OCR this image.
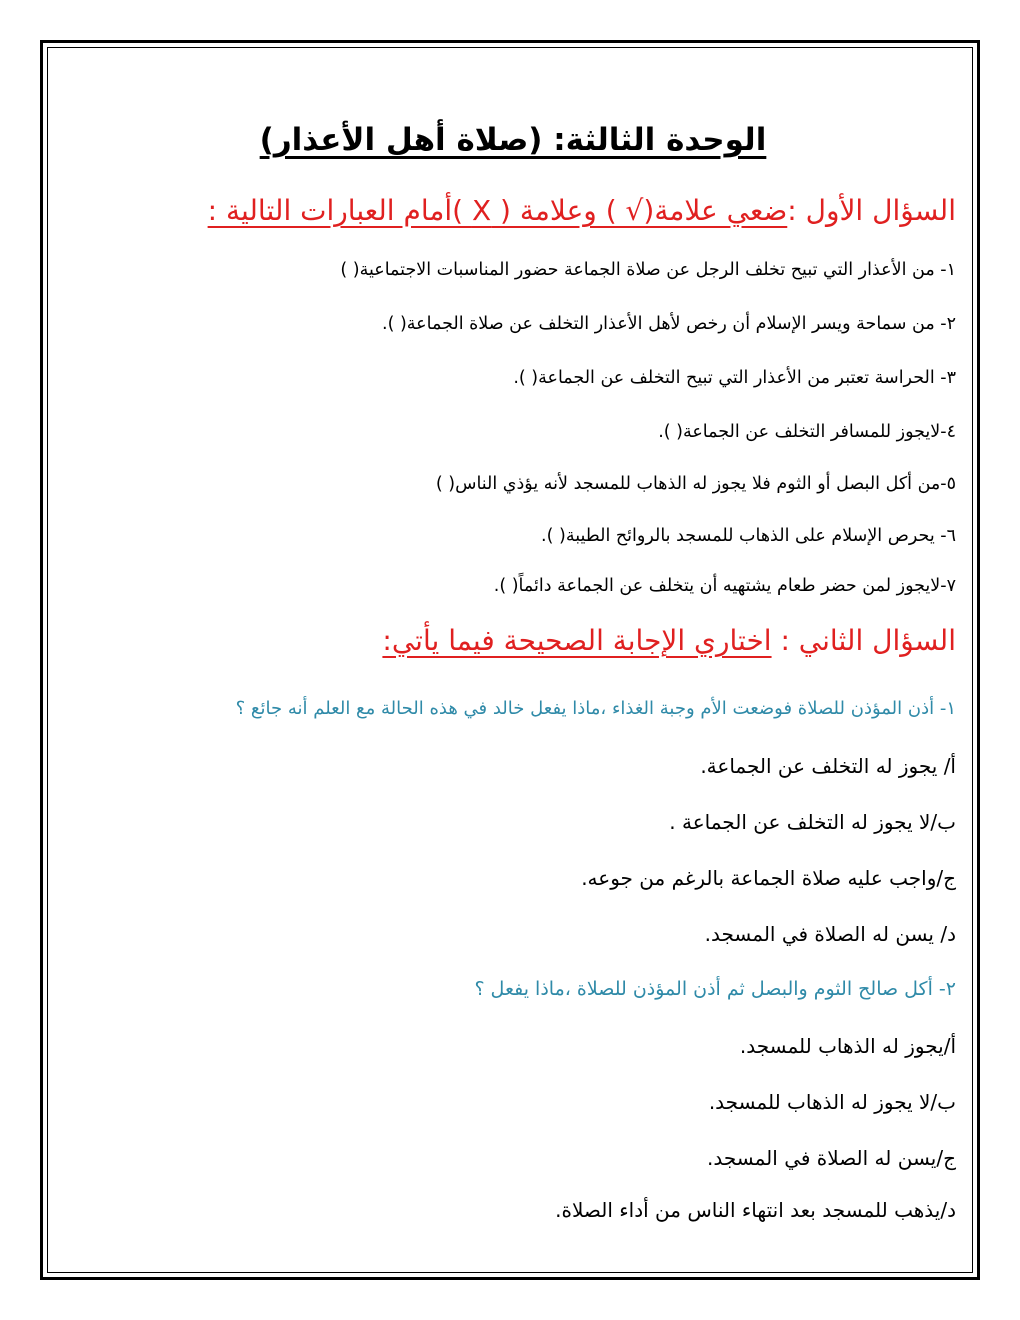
الوحدة الثالثة: (صلاة أهل الأعذار)
السؤال الأول :ضعي علامة(√ ) وعلامة ( X )أمام العبارات التالية :
١- من الأعذار التي تبيح تخلف الرجل عن صلاة الجماعة حضور المناسبات الاجتماعية( )
٢- من سماحة ويسر الإسلام أن رخص لأهل الأعذار التخلف عن صلاة الجماعة( ).
٣- الحراسة تعتبر من الأعذار التي تبيح التخلف عن الجماعة( ).
٤-لايجوز للمسافر التخلف عن الجماعة( ).
٥-من أكل البصل أو الثوم فلا يجوز له الذهاب للمسجد لأنه يؤذي الناس( )
٦- يحرص الإسلام على الذهاب للمسجد بالروائح الطيبة( ).
٧-لايجوز لمن حضر طعام يشتهيه أن يتخلف عن الجماعة دائماً( ).
السؤال الثاني : اختاري الإجابة الصحيحة فيما يأتي:
١- أذن المؤذن للصلاة فوضعت الأم وجبة الغذاء ،ماذا يفعل خالد في هذه الحالة مع العلم أنه جائع ؟
أ/ يجوز له التخلف عن الجماعة.
ب/لا يجوز له التخلف عن الجماعة .
ج/واجب عليه صلاة الجماعة بالرغم من جوعه.
د/ يسن له الصلاة في المسجد.
٢- أكل صالح الثوم والبصل ثم أذن المؤذن للصلاة ،ماذا يفعل ؟
أ/يجوز له الذهاب للمسجد.
ب/لا يجوز له الذهاب للمسجد.
ج/يسن له الصلاة في المسجد.
د/يذهب للمسجد بعد انتهاء الناس من أداء الصلاة.
